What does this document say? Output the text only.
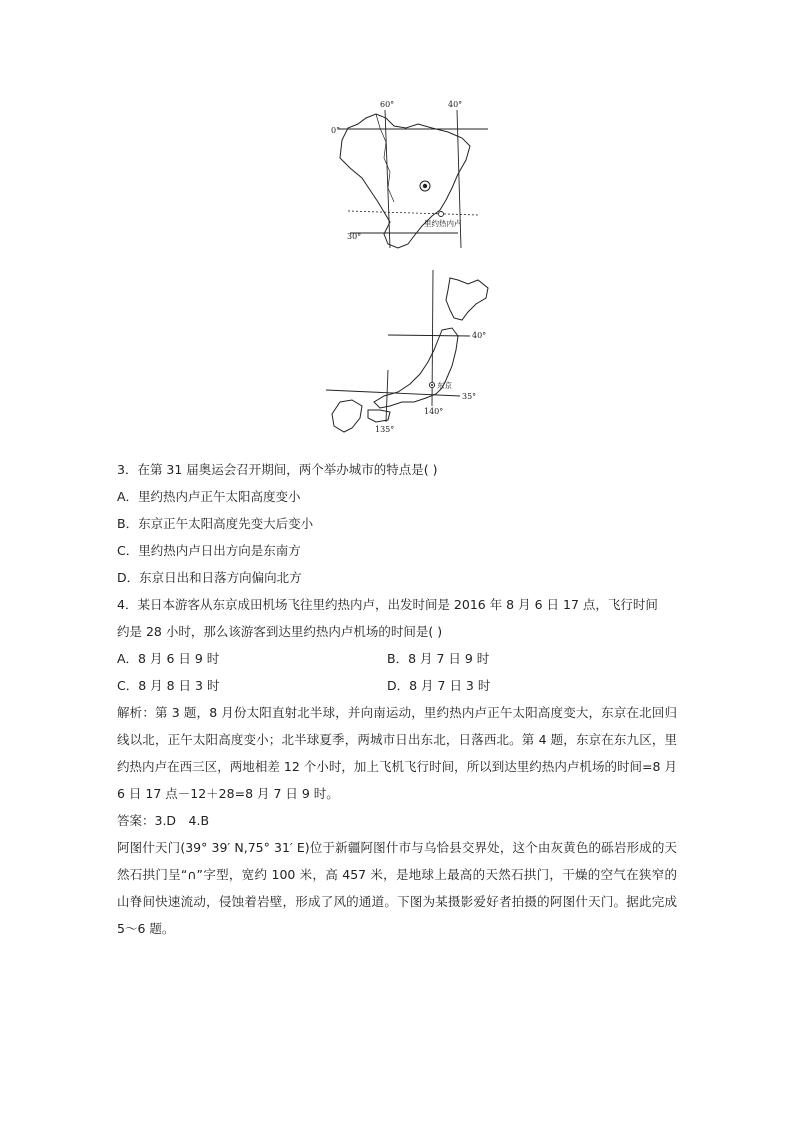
60°	40°
0°
30°
里约热内卢
40°
35°
140°
135°
东京
3．在第 31 届奥运会召开期间，两个举办城市的特点是( )
A．里约热内卢正午太阳高度变小
B．东京正午太阳高度先变大后变小
C．里约热内卢日出方向是东南方
D．东京日出和日落方向偏向北方
4．某日本游客从东京成田机场飞往里约热内卢，出发时间是 2016 年 8 月 6 日 17 点，飞行时间
约是 28 小时，那么该游客到达里约热内卢机场的时间是( )
A．8 月 6 日 9 时	B．8 月 7 日 9 时
C．8 月 8 日 3 时	D．8 月 7 日 3 时
解析：第 3 题，8 月份太阳直射北半球，并向南运动，里约热内卢正午太阳高度变大，东京在北回归线以北，正午太阳高度变小；北半球夏季，两城市日出东北，日落西北。第 4 题，东京在东九区，里约热内卢在西三区，两地相差 12 个小时，加上飞机飞行时间，所以到达里约热内卢机场的时间=8 月 6 日 17 点－12＋28=8 月 7 日 9 时。
答案：3.D　4.B
阿图什天门(39° 39′ N,75° 31′ E)位于新疆阿图什市与乌恰县交界处，这个由灰黄色的砾岩形成的天然石拱门呈“∩”字型，宽约 100 米，高 457 米，是地球上最高的天然石拱门，干燥的空气在狭窄的山脊间快速流动，侵蚀着岩壁，形成了风的通道。下图为某摄影爱好者拍摄的阿图什天门。据此完成 5～6 题。
